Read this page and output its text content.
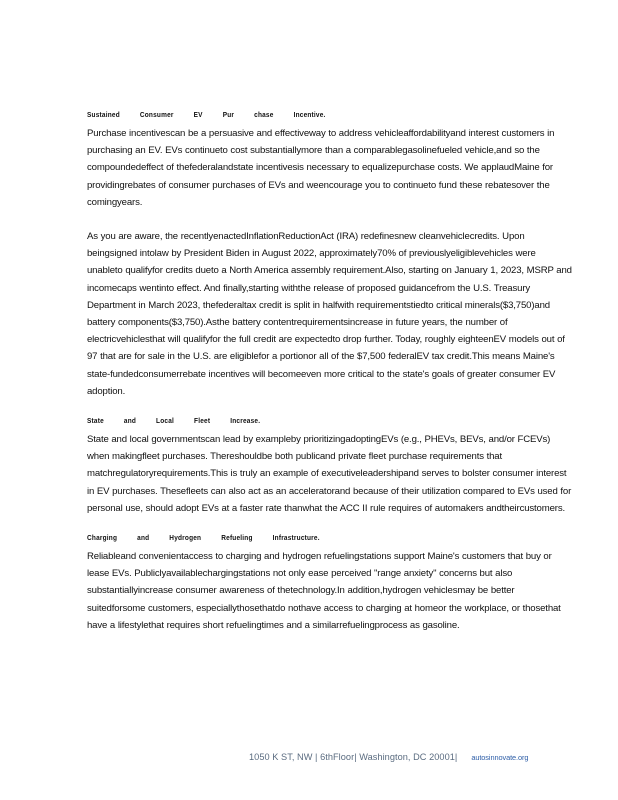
Sustained Consumer EV Pur chase Incentive.

Purchase incentivescan be a persuasive and effectiveway to address vehicleaffordabilityand interest customers in purchasing an EV. EVs continueto cost substantiallymore than a comparablegasolinefueled vehicle,and so the compoundedeffect of thefederalandstate incentivesis necessary to equalizepurchase costs. We applaudMaine for providingrebates of consumer purchases of EVs and weencourage you to continueto fund these rebatesover the comingyears.

As you are aware, the recentlyenactedInflationReductionAct (IRA) redefinesnew cleanvehiclecredits. Upon beingsigned intolaw by President Biden in August 2022, approximately70% of previouslyeligiblevehicles were unableto qualifyfor credits dueto a North America assembly requirement.Also, starting on January 1, 2023, MSRP and incomecaps wentinto effect. And finally,starting withthe release of proposed guidancefrom the U.S. Treasury Department in March 2023, thefederaltax credit is split in halfwith requirementstiedto critical minerals($3,750)and battery components($3,750).Asthe battery contentrequirementsincrease in future years, the number of electricvehiclesthat will qualifyfor the full credit are expectedto drop further. Today, roughly eighteenEV models out of 97 that are for sale in the U.S. are eligiblefor a portionor all of the $7,500 federalEV tax credit.This means Maine's state-fundedconsumerrebate incentives will becomeeven more critical to the state's goals of greater consumer EV adoption.

State and Local Fleet Increase.

State and local governmentscan lead by exampleby prioritizingadoptingEVs (e.g., PHEVs, BEVs, and/or FCEVs) when makingfleet purchases. Thereshouldbe both publicand private fleet purchase requirements that matchregulatoryrequirements.This is truly an example of executiveleadershipand serves to bolster consumer interest in EV purchases. Thesefleets can also act as an acceleratorand because of their utilization compared to EVs used for personal use, should adopt EVs at a faster rate thanwhat the ACC II rule requires of automakers andtheircustomers.

Charging and Hydrogen Refueling Infrastructure.

Reliableand convenientaccess to charging and hydrogen refuelingstations support Maine's customers that buy or lease EVs. Publiclyavailablechargingstations not only ease perceived "range anxiety" concerns but also substantiallyincrease consumer awareness of thetechnology.In addition,hydrogen vehiclesmay be better suitedforsome customers, especiallythosethatdo nothave access to charging at homeor the workplace, or thosethat have a lifestylethat requires short refuelingtimes and a similarrefuelingprocess as gasoline.

1050 K ST, NW | 6thFloor| Washington, DC 20001| autosinnovate.org
